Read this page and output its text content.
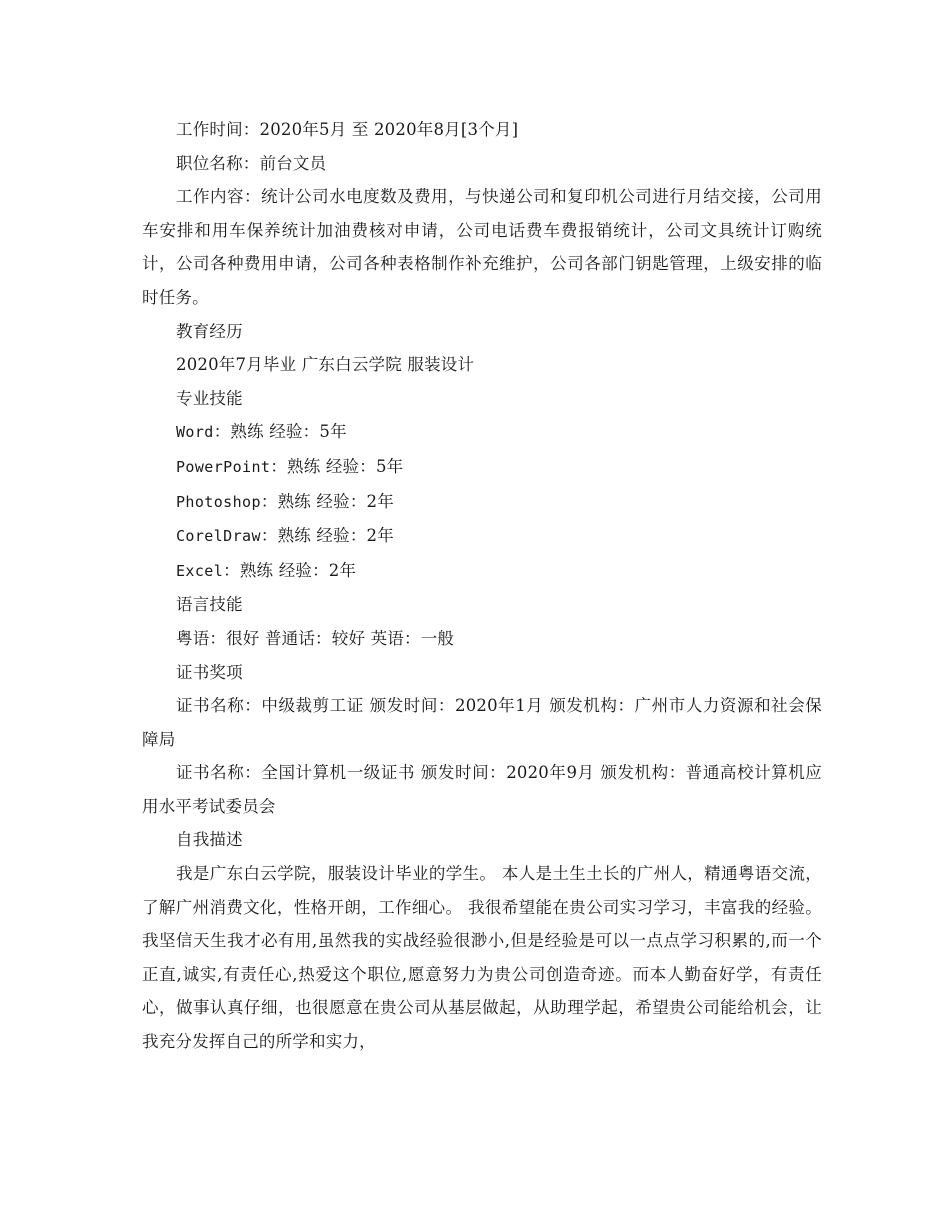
工作时间：2020年5月 至 2020年8月[3个月]

职位名称：前台文员

工作内容：统计公司水电度数及费用，与快递公司和复印机公司进行月结交接，公司用车安排和用车保养统计加油费核对申请，公司电话费车费报销统计，公司文具统计订购统计，公司各种费用申请，公司各种表格制作补充维护，公司各部门钥匙管理，上级安排的临时任务。

教育经历

2020年7月毕业 广东白云学院 服装设计

专业技能

Word：熟练 经验：5年

PowerPoint：熟练 经验：5年

Photoshop：熟练 经验：2年

CorelDraw：熟练 经验：2年

Excel：熟练 经验：2年

语言技能

粤语：很好 普通话：较好 英语：一般

证书奖项

证书名称：中级裁剪工证 颁发时间：2020年1月 颁发机构：广州市人力资源和社会保障局

证书名称：全国计算机一级证书 颁发时间：2020年9月 颁发机构：普通高校计算机应用水平考试委员会

自我描述

我是广东白云学院，服装设计毕业的学生。 本人是土生土长的广州人，精通粤语交流，了解广州消费文化，性格开朗，工作细心。 我很希望能在贵公司实习学习，丰富我的经验。我坚信天生我才必有用,虽然我的实战经验很渺小,但是经验是可以一点点学习积累的,而一个正直,诚实,有责任心,热爱这个职位,愿意努力为贵公司创造奇迹。而本人勤奋好学，有责任心，做事认真仔细，也很愿意在贵公司从基层做起，从助理学起，希望贵公司能给机会，让我充分发挥自己的所学和实力，
